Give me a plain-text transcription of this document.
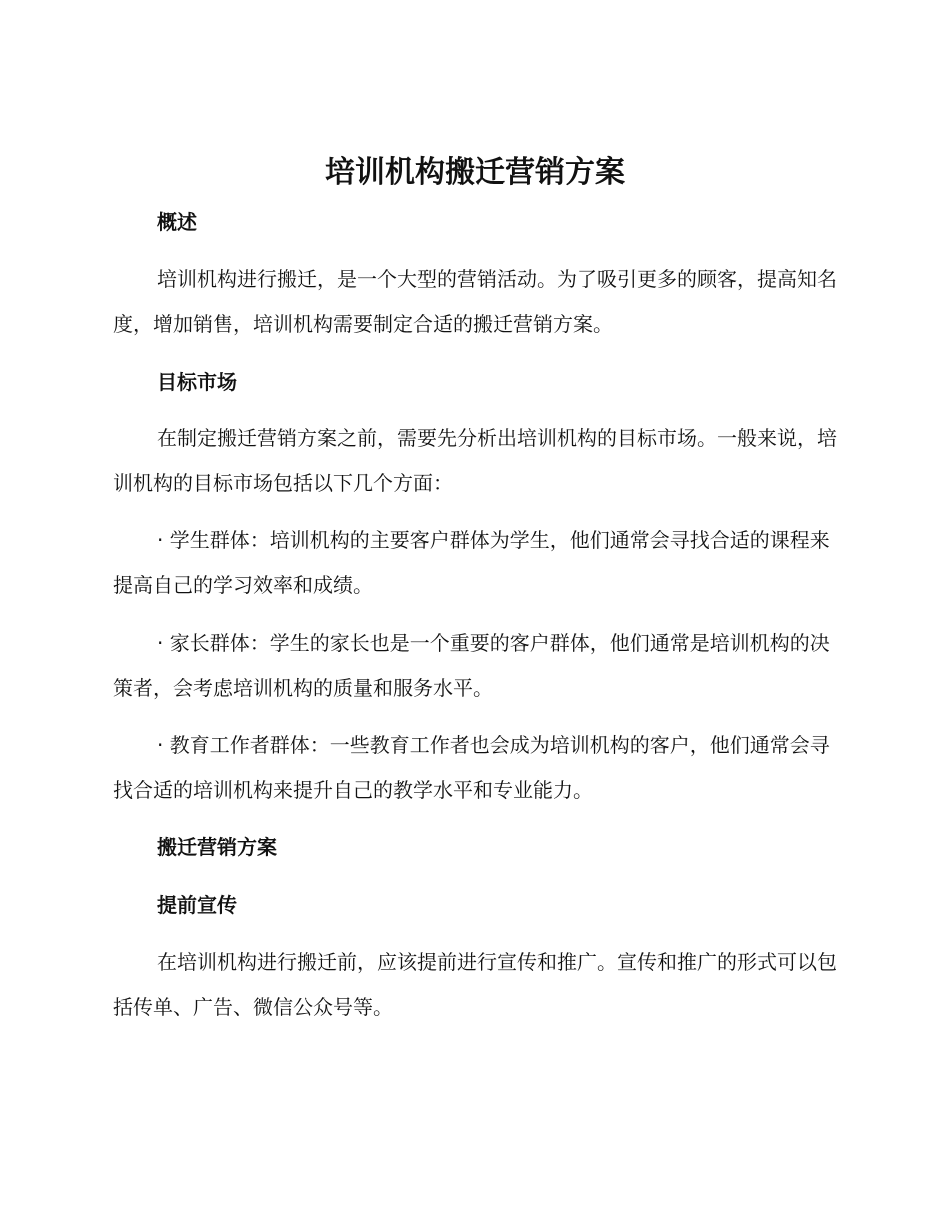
培训机构搬迁营销方案
概述

培训机构进行搬迁，是一个大型的营销活动。为了吸引更多的顾客，提高知名度，增加销售，培训机构需要制定合适的搬迁营销方案。

目标市场

在制定搬迁营销方案之前，需要先分析出培训机构的目标市场。一般来说，培训机构的目标市场包括以下几个方面：

· 学生群体：培训机构的主要客户群体为学生，他们通常会寻找合适的课程来提高自己的学习效率和成绩。

· 家长群体：学生的家长也是一个重要的客户群体，他们通常是培训机构的决策者，会考虑培训机构的质量和服务水平。

· 教育工作者群体：一些教育工作者也会成为培训机构的客户，他们通常会寻找合适的培训机构来提升自己的教学水平和专业能力。

搬迁营销方案
提前宣传

在培训机构进行搬迁前，应该提前进行宣传和推广。宣传和推广的形式可以包括传单、广告、微信公众号等。
